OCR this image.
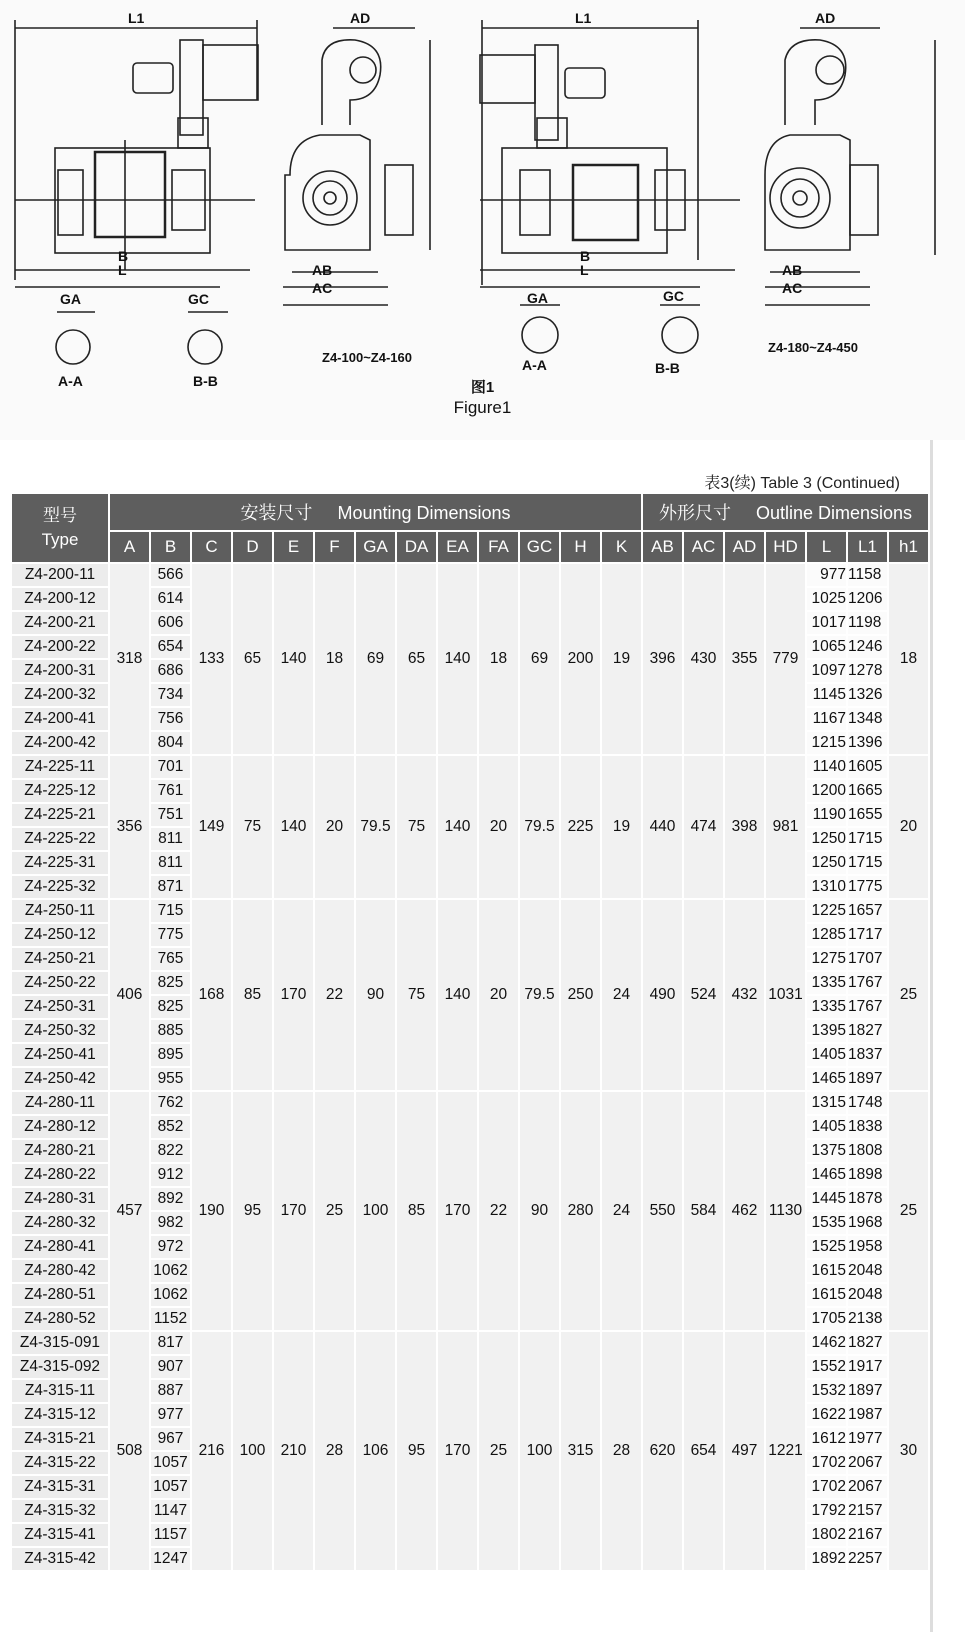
L1	AD
B
L	AB
AC
GA	GC
A-A	B-B
Z4-100~Z4-160
L1	AD
B
L	AB
AC
GA	GC
A-A	B-B
Z4-180~Z4-450
图1
Figure1
表3(续) Table 3 (Continued)
型号
Type	安装尺寸 Mounting Dimensions													外形尺寸 Outline Dimensions						
	A	B	C	D	E	F	GA	DA	EA	FA	GC	H	K	AB	AC	AD	HD	L	L1	h1
Z4-200-11	318	566	133	65	140	18	69	65	140	18	69	200	19	396	430	355	779	977	1158	18
Z4-200-12		614																1025	1206	
Z4-200-21		606																1017	1198	
Z4-200-22		654																1065	1246	
Z4-200-31		686																1097	1278	
Z4-200-32		734																1145	1326	
Z4-200-41		756																1167	1348	
Z4-200-42		804																1215	1396	
Z4-225-11	356	701	149	75	140	20	79.5	75	140	20	79.5	225	19	440	474	398	981	1140	1605	20
Z4-225-12		761																1200	1665	
Z4-225-21		751																1190	1655	
Z4-225-22		811																1250	1715	
Z4-225-31		811																1250	1715	
Z4-225-32		871																1310	1775	
Z4-250-11	406	715	168	85	170	22	90	75	140	20	79.5	250	24	490	524	432	1031	1225	1657	25
Z4-250-12		775																1285	1717	
Z4-250-21		765																1275	1707	
Z4-250-22		825																1335	1767	
Z4-250-31		825																1335	1767	
Z4-250-32		885																1395	1827	
Z4-250-41		895																1405	1837	
Z4-250-42		955																1465	1897	
Z4-280-11	457	762	190	95	170	25	100	85	170	22	90	280	24	550	584	462	1130	1315	1748	25
Z4-280-12		852																1405	1838	
Z4-280-21		822																1375	1808	
Z4-280-22		912																1465	1898	
Z4-280-31		892																1445	1878	
Z4-280-32		982																1535	1968	
Z4-280-41		972																1525	1958	
Z4-280-42		1062																1615	2048	
Z4-280-51		1062																1615	2048	
Z4-280-52		1152																1705	2138	
Z4-315-091	508	817	216	100	210	28	106	95	170	25	100	315	28	620	654	497	1221	1462	1827	30
Z4-315-092		907																1552	1917	
Z4-315-11		887																1532	1897	
Z4-315-12		977																1622	1987	
Z4-315-21		967																1612	1977	
Z4-315-22		1057																1702	2067	
Z4-315-31		1057																1702	2067	
Z4-315-32		1147																1792	2157	
Z4-315-41		1157																1802	2167	
Z4-315-42		1247																1892	2257	
